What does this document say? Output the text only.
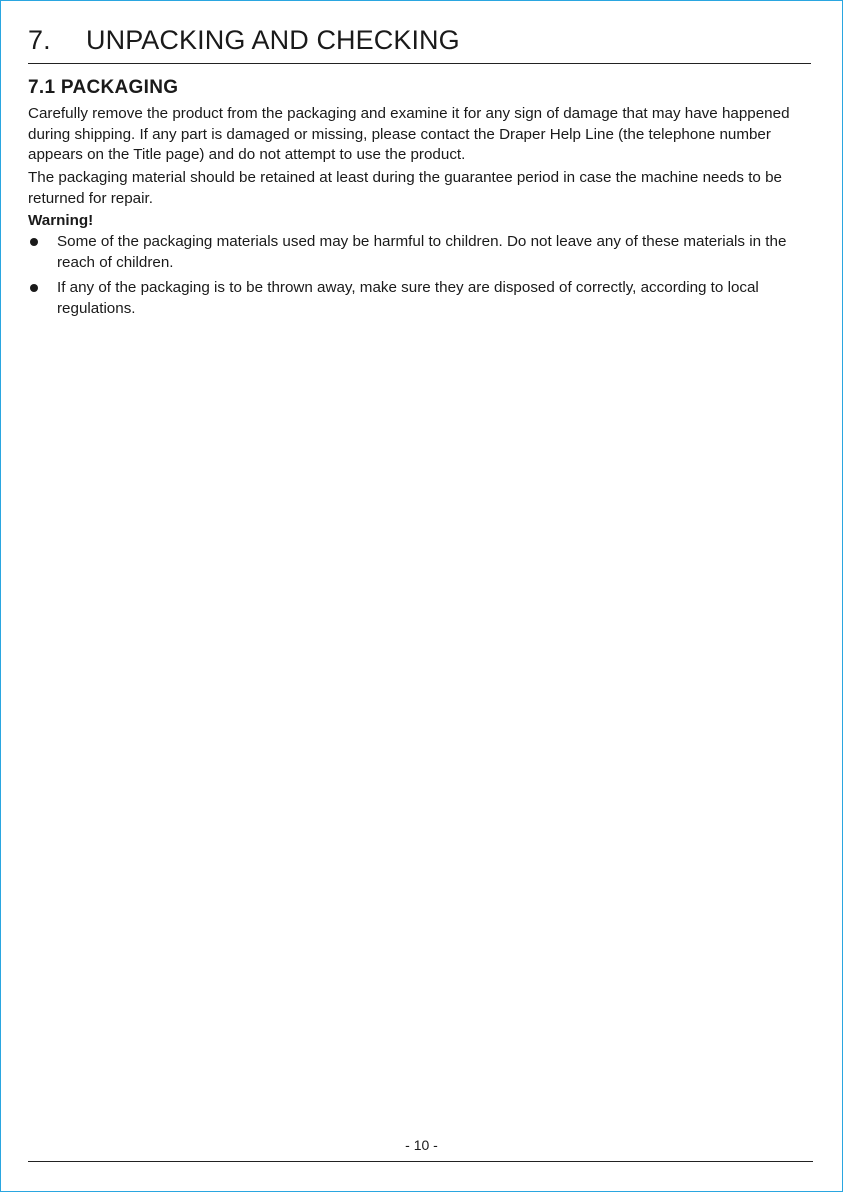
7. UNPACKING AND CHECKING
7.1 PACKAGING

Carefully remove the product from the packaging and examine it for any sign of damage that may have happened during shipping. If any part is damaged or missing, please contact the Draper Help Line (the telephone number appears on the Title page) and do not attempt to use the product.

The packaging material should be retained at least during the guarantee period in case the machine needs to be returned for repair.

Warning!
Some of the packaging materials used may be harmful to children. Do not leave any of these materials in the reach of children.
If any of the packaging is to be thrown away, make sure they are disposed of correctly, according to local regulations.
- 10 -
